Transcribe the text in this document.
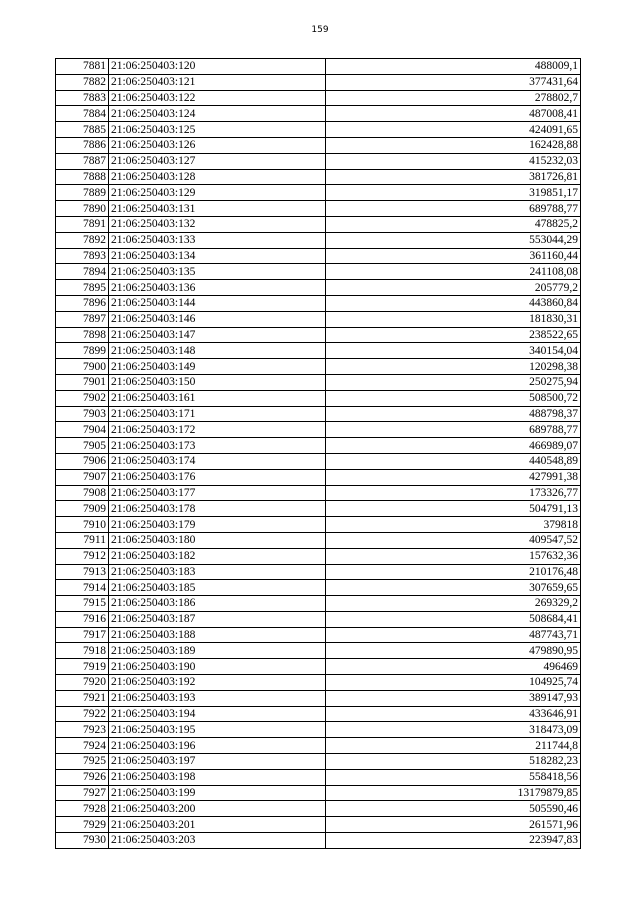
159
7881	21:06:250403:120	488009,1
7882	21:06:250403:121	377431,64
7883	21:06:250403:122	278802,7
7884	21:06:250403:124	487008,41
7885	21:06:250403:125	424091,65
7886	21:06:250403:126	162428,88
7887	21:06:250403:127	415232,03
7888	21:06:250403:128	381726,81
7889	21:06:250403:129	319851,17
7890	21:06:250403:131	689788,77
7891	21:06:250403:132	478825,2
7892	21:06:250403:133	553044,29
7893	21:06:250403:134	361160,44
7894	21:06:250403:135	241108,08
7895	21:06:250403:136	205779,2
7896	21:06:250403:144	443860,84
7897	21:06:250403:146	181830,31
7898	21:06:250403:147	238522,65
7899	21:06:250403:148	340154,04
7900	21:06:250403:149	120298,38
7901	21:06:250403:150	250275,94
7902	21:06:250403:161	508500,72
7903	21:06:250403:171	488798,37
7904	21:06:250403:172	689788,77
7905	21:06:250403:173	466989,07
7906	21:06:250403:174	440548,89
7907	21:06:250403:176	427991,38
7908	21:06:250403:177	173326,77
7909	21:06:250403:178	504791,13
7910	21:06:250403:179	379818
7911	21:06:250403:180	409547,52
7912	21:06:250403:182	157632,36
7913	21:06:250403:183	210176,48
7914	21:06:250403:185	307659,65
7915	21:06:250403:186	269329,2
7916	21:06:250403:187	508684,41
7917	21:06:250403:188	487743,71
7918	21:06:250403:189	479890,95
7919	21:06:250403:190	496469
7920	21:06:250403:192	104925,74
7921	21:06:250403:193	389147,93
7922	21:06:250403:194	433646,91
7923	21:06:250403:195	318473,09
7924	21:06:250403:196	211744,8
7925	21:06:250403:197	518282,23
7926	21:06:250403:198	558418,56
7927	21:06:250403:199	13179879,85
7928	21:06:250403:200	505590,46
7929	21:06:250403:201	261571,96
7930	21:06:250403:203	223947,83
